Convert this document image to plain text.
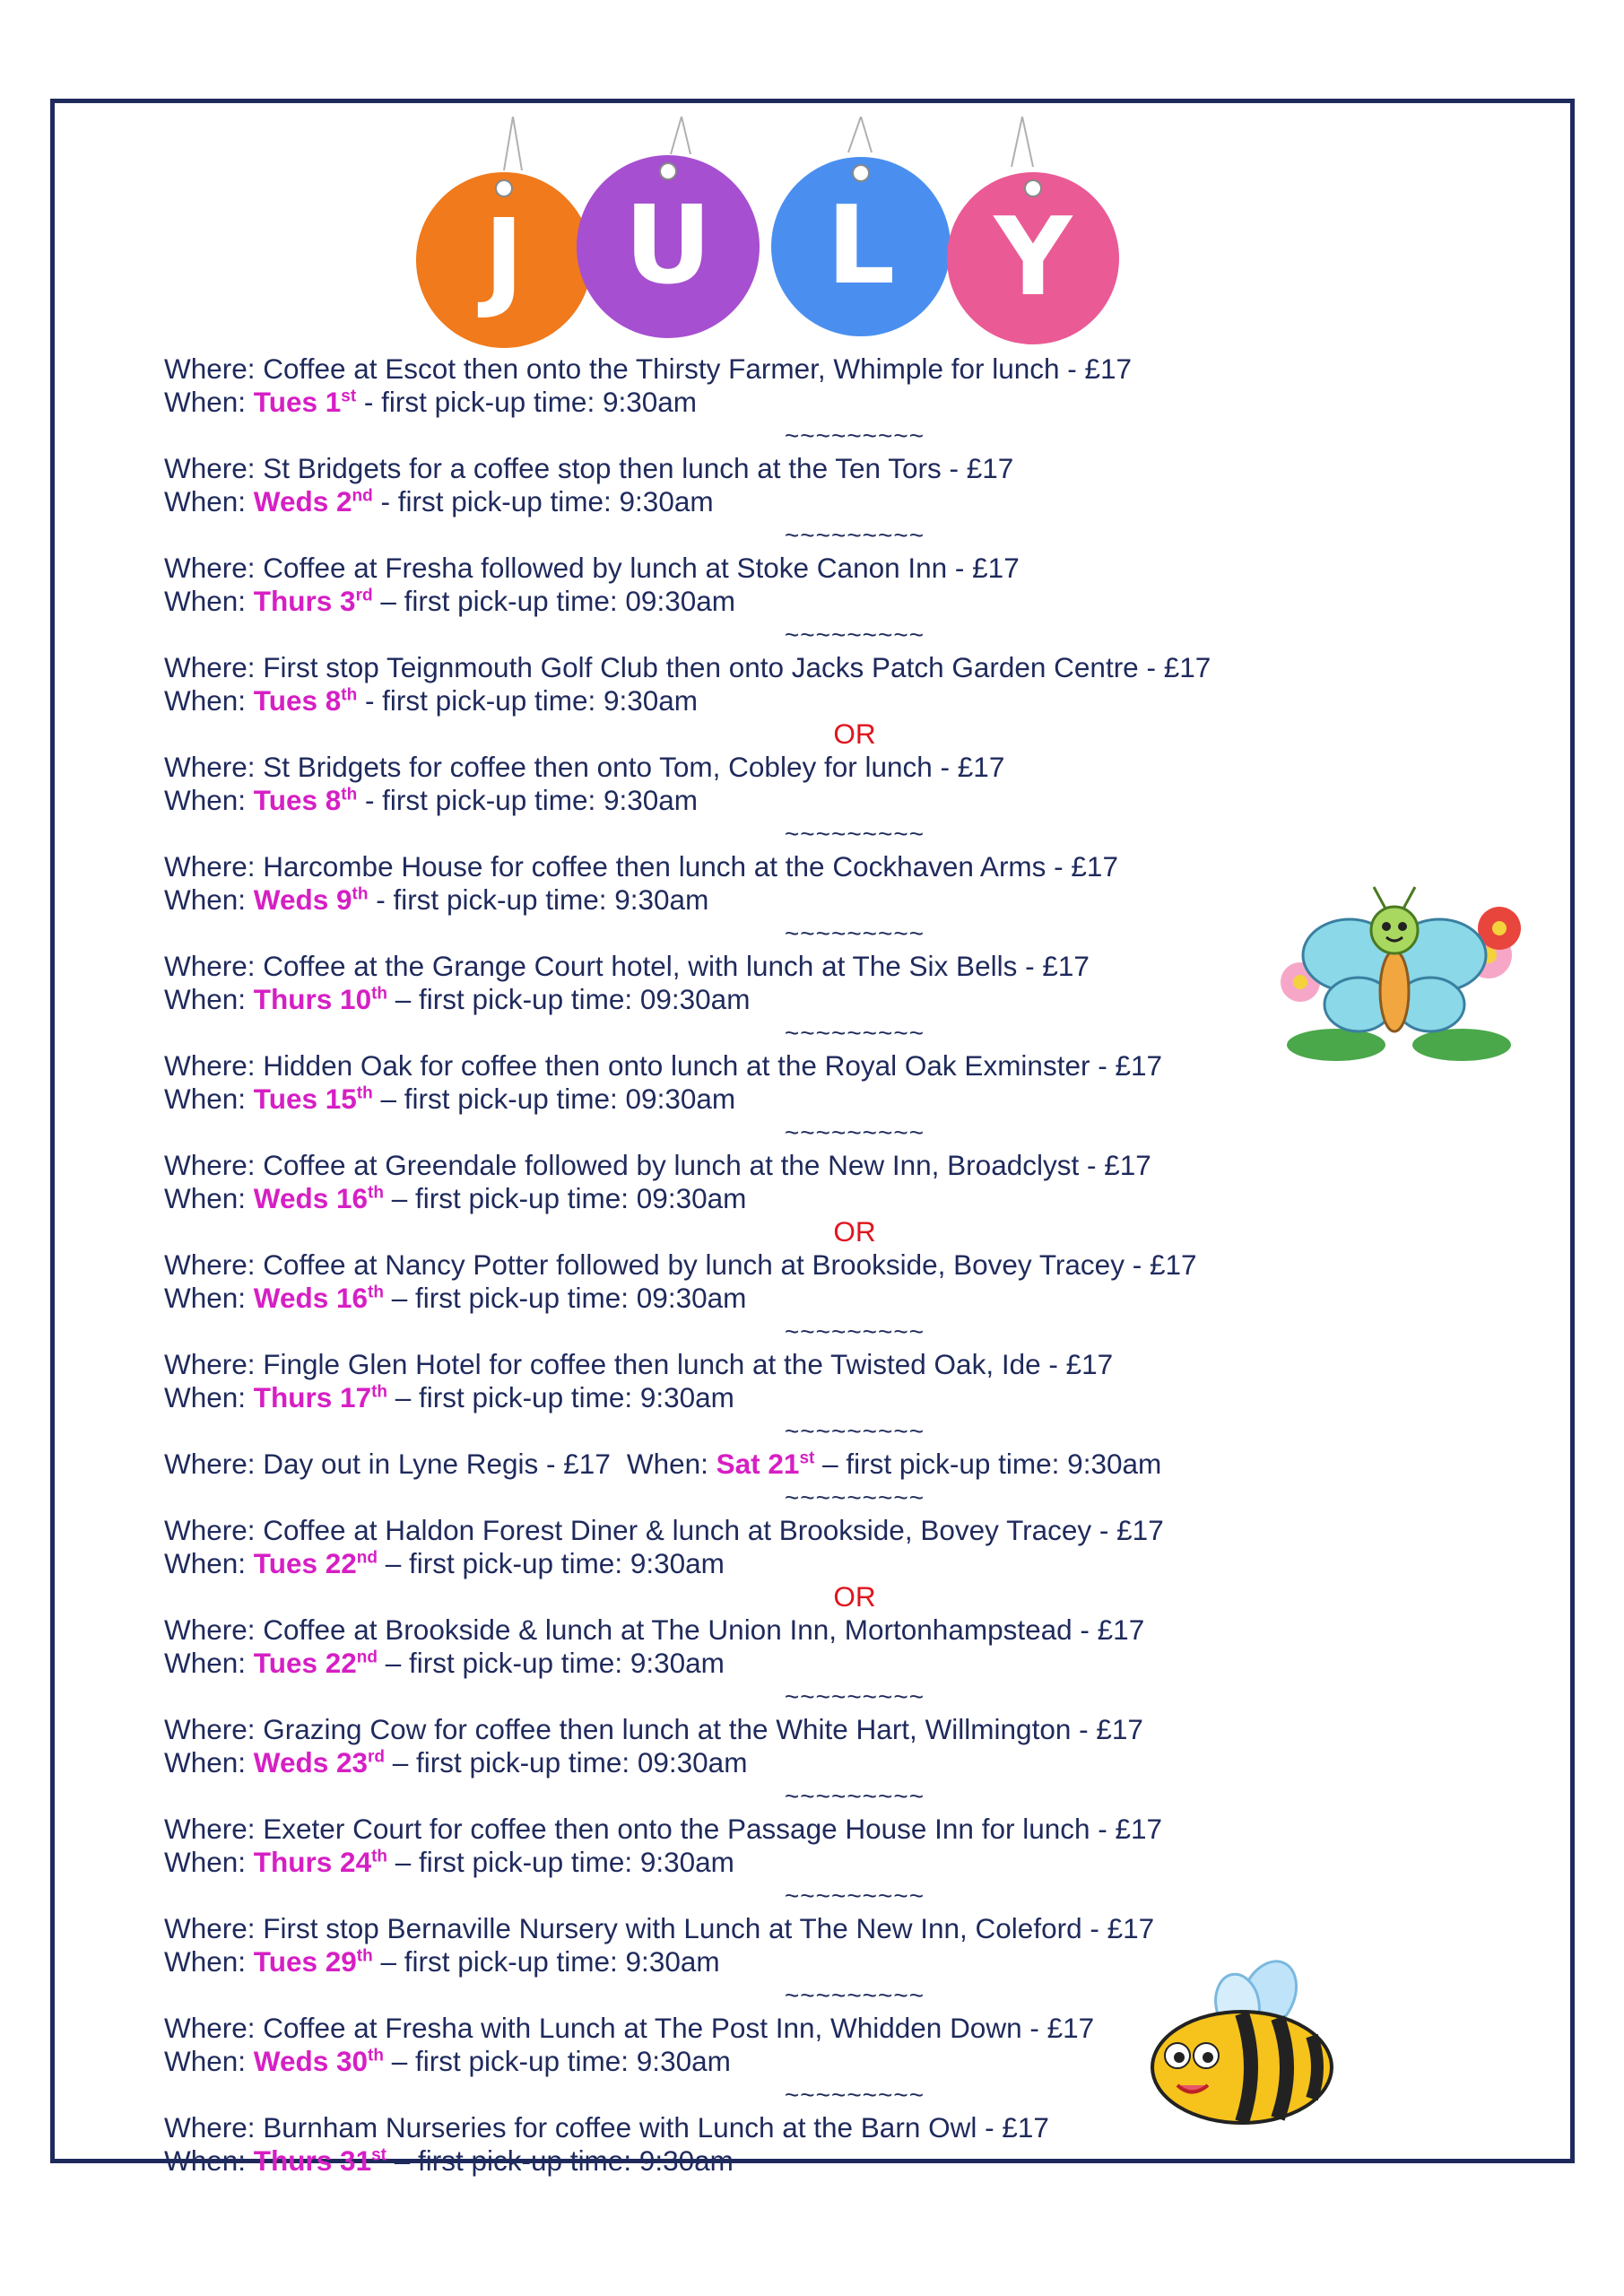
J U L Y
Where: Coffee at Escot then onto the Thirsty Farmer, Whimple for lunch - £17
When: Tues 1st - first pick-up time: 9:30am
~~~~~~~~~
Where: St Bridgets for a coffee stop then lunch at the Ten Tors - £17
When: Weds 2nd - first pick-up time: 9:30am
~~~~~~~~~
Where: Coffee at Fresha followed by lunch at Stoke Canon Inn - £17
When: Thurs 3rd – first pick-up time: 09:30am
~~~~~~~~~
Where: First stop Teignmouth Golf Club then onto Jacks Patch Garden Centre - £17
When: Tues 8th - first pick-up time: 9:30am
OR
Where: St Bridgets for coffee then onto Tom, Cobley for lunch - £17
When: Tues 8th - first pick-up time: 9:30am
~~~~~~~~~
Where: Harcombe House for coffee then lunch at the Cockhaven Arms - £17
When: Weds 9th - first pick-up time: 9:30am
~~~~~~~~~
Where: Coffee at the Grange Court hotel, with lunch at The Six Bells - £17
When: Thurs 10th – first pick-up time: 09:30am
~~~~~~~~~
Where: Hidden Oak for coffee then onto lunch at the Royal Oak Exminster - £17
When: Tues 15th – first pick-up time: 09:30am
~~~~~~~~~
Where: Coffee at Greendale followed by lunch at the New Inn, Broadclyst - £17
When: Weds 16th – first pick-up time: 09:30am
OR
Where: Coffee at Nancy Potter followed by lunch at Brookside, Bovey Tracey - £17
When: Weds 16th – first pick-up time: 09:30am
~~~~~~~~~
Where: Fingle Glen Hotel for coffee then lunch at the Twisted Oak, Ide - £17
When: Thurs 17th – first pick-up time: 9:30am
~~~~~~~~~
Where: Day out in Lyne Regis - £17 When: Sat 21st – first pick-up time: 9:30am
~~~~~~~~~
Where: Coffee at Haldon Forest Diner & lunch at Brookside, Bovey Tracey - £17
When: Tues 22nd – first pick-up time: 9:30am
OR
Where: Coffee at Brookside & lunch at The Union Inn, Mortonhampstead - £17
When: Tues 22nd – first pick-up time: 9:30am
~~~~~~~~~
Where: Grazing Cow for coffee then lunch at the White Hart, Willmington - £17
When: Weds 23rd – first pick-up time: 09:30am
~~~~~~~~~
Where: Exeter Court for coffee then onto the Passage House Inn for lunch - £17
When: Thurs 24th – first pick-up time: 9:30am
~~~~~~~~~
Where: First stop Bernaville Nursery with Lunch at The New Inn, Coleford - £17
When: Tues 29th – first pick-up time: 9:30am
~~~~~~~~~
Where: Coffee at Fresha with Lunch at The Post Inn, Whidden Down - £17
When: Weds 30th – first pick-up time: 9:30am
~~~~~~~~~
Where: Burnham Nurseries for coffee with Lunch at the Barn Owl - £17
When: Thurs 31st – first pick-up time: 9:30am
